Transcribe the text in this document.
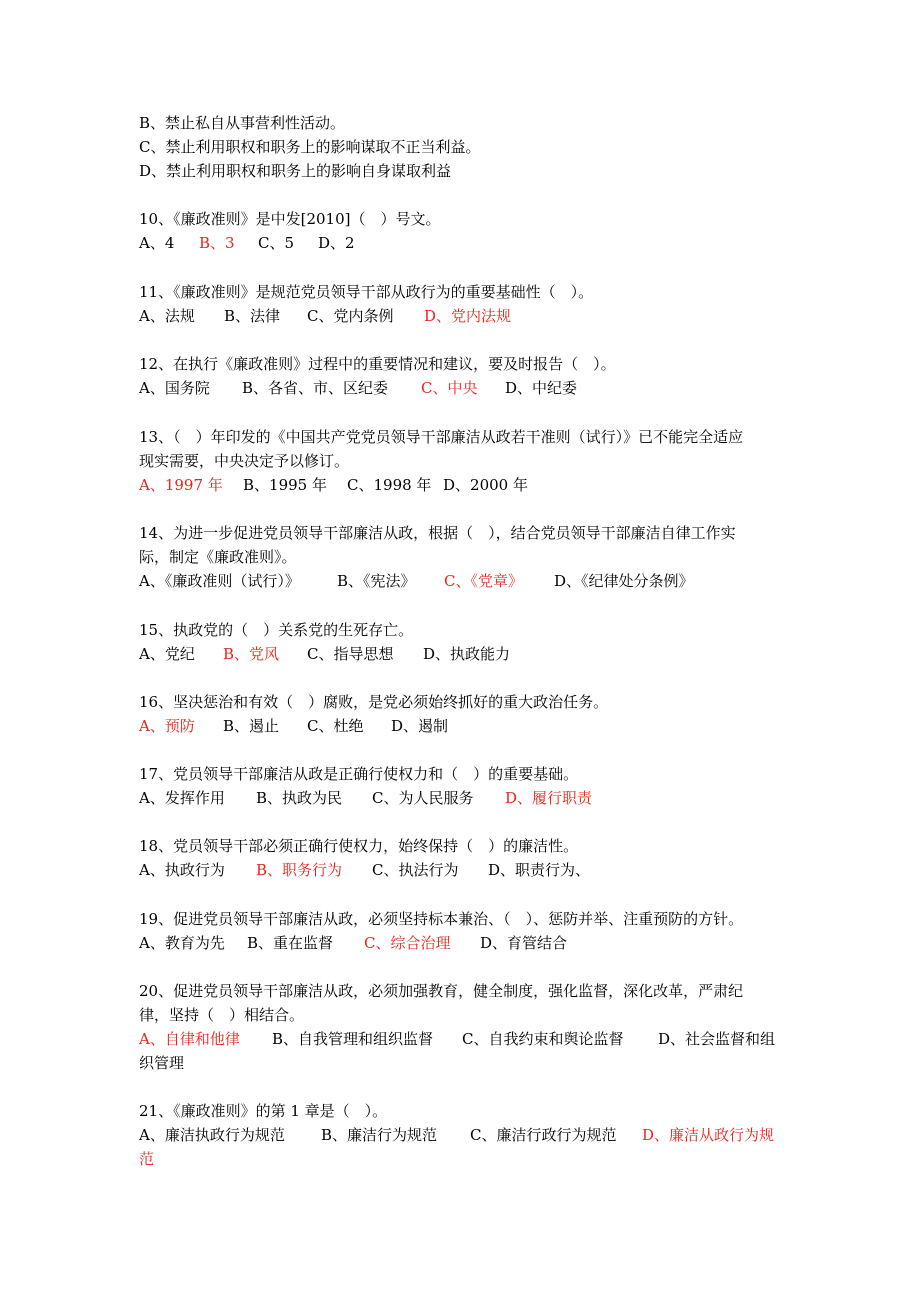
B、禁止私自从事营利性活动。
C、禁止利用职权和职务上的影响谋取不正当利益。
D、禁止利用职权和职务上的影响自身谋取利益
10、《廉政准则》是中发[2010]（　）号文。
A、4 B、3 C、5 D、2
11、《廉政准则》是规范党员领导干部从政行为的重要基础性（　）。
A、法规 B、法律 C、党内条例 D、党内法规
12、在执行《廉政准则》过程中的重要情况和建议，要及时报告（　）。
A、国务院 B、各省、市、区纪委 C、中央 D、中纪委
13、（　）年印发的《中国共产党党员领导干部廉洁从政若干准则（试行）》已不能完全适应
现实需要，中央决定予以修订。
A、1997 年 B、1995 年 C、1998 年 D、2000 年
14、为进一步促进党员领导干部廉洁从政，根据（　），结合党员领导干部廉洁自律工作实
际，制定《廉政准则》。
A、《廉政准则（试行）》 B、《宪法》 C、《党章》 D、《纪律处分条例》
15、执政党的（　）关系党的生死存亡。
A、党纪 B、党风 C、指导思想 D、执政能力
16、坚决惩治和有效（　）腐败，是党必须始终抓好的重大政治任务。
A、预防 B、遏止 C、杜绝 D、遏制
17、党员领导干部廉洁从政是正确行使权力和（　）的重要基础。
A、发挥作用 B、执政为民 C、为人民服务 D、履行职责
18、党员领导干部必须正确行使权力，始终保持（　）的廉洁性。
A、执政行为 B、职务行为 C、执法行为 D、职责行为、
19、促进党员领导干部廉洁从政，必须坚持标本兼治、（　）、惩防并举、注重预防的方针。
A、教育为先 B、重在监督 C、综合治理 D、育管结合
20、促进党员领导干部廉洁从政，必须加强教育，健全制度，强化监督，深化改革，严肃纪
律，坚持（　）相结合。
A、自律和他律 B、自我管理和组织监督 C、自我约束和舆论监督 D、社会监督和组
织管理
21、《廉政准则》的第 1 章是（　）。
A、廉洁执政行为规范 B、廉洁行为规范 C、廉洁行政行为规范 D、廉洁从政行为规
范
